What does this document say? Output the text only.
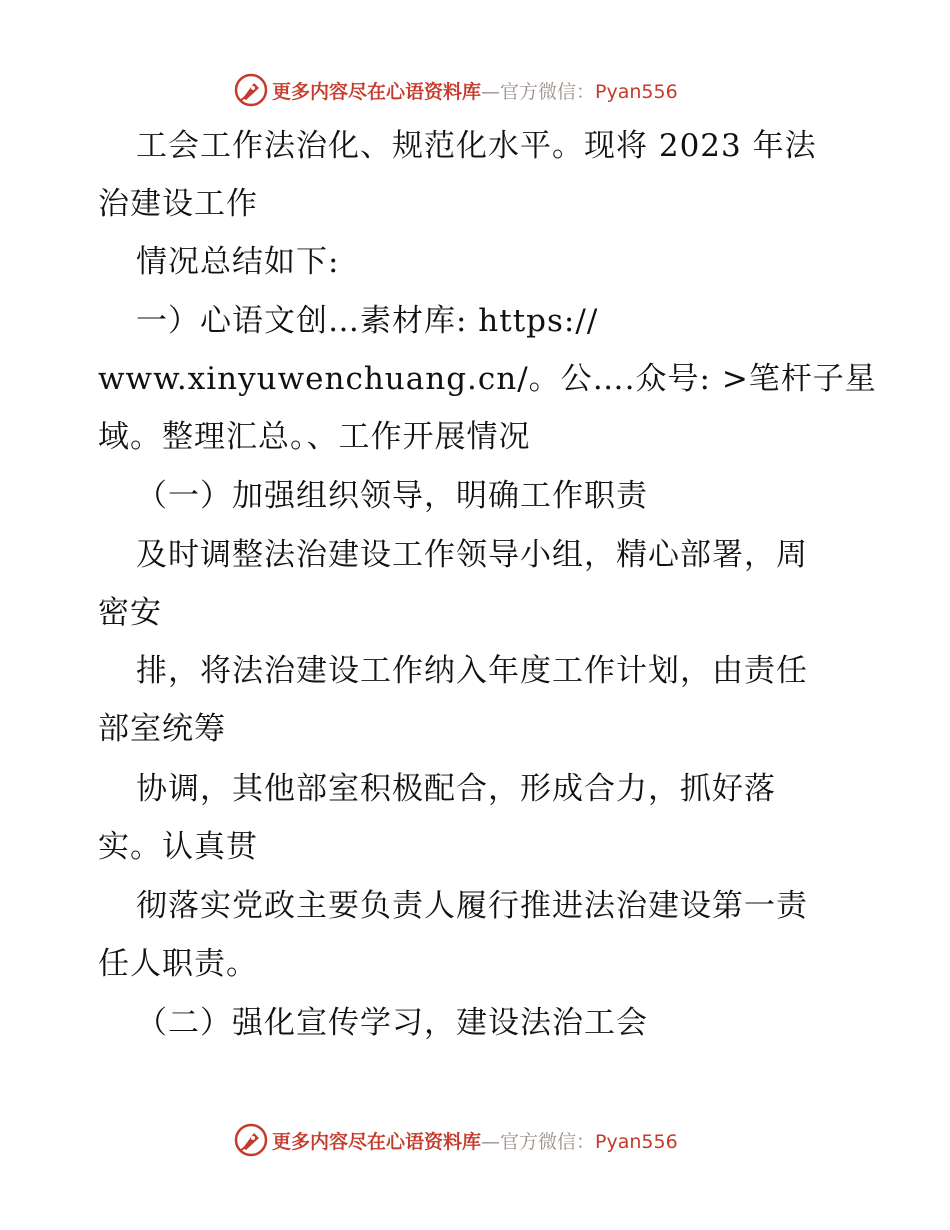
更多内容尽在心语资料库—官方微信：Pyan556
工会工作法治化、规范化水平。现将 2023 年法
治建设工作
情况总结如下:
一）心语文创…素材库: https://
www.xinyuwenchuang.cn/。公….众号: >笔杆子星
域。整理汇总。、工作开展情况
（一）加强组织领导，明确工作职责
及时调整法治建设工作领导小组，精心部署，周
密安
排，将法治建设工作纳入年度工作计划，由责任
部室统筹
协调，其他部室积极配合，形成合力，抓好落
实。认真贯
彻落实党政主要负责人履行推进法治建设第一责
任人职责。
（二）强化宣传学习，建设法治工会
更多内容尽在心语资料库—官方微信：Pyan556
